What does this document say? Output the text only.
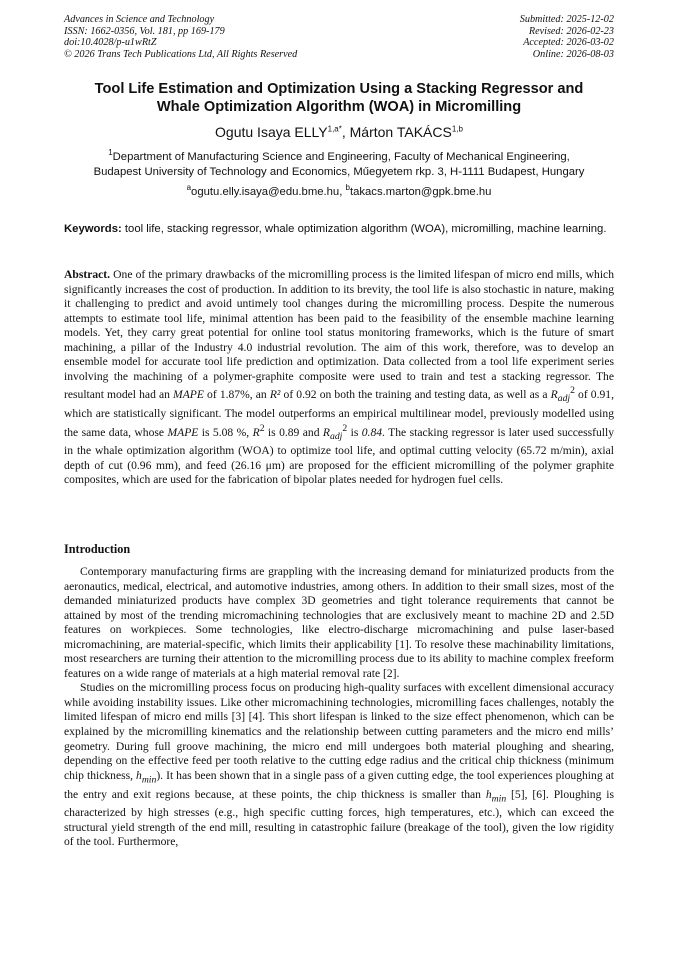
Advances in Science and Technology
ISSN: 1662-0356, Vol. 181, pp 169-179
doi:10.4028/p-u1wRtZ
© 2026 Trans Tech Publications Ltd, All Rights Reserved
Submitted: 2025-12-02
Revised: 2026-02-23
Accepted: 2026-03-02
Online: 2026-08-03
Tool Life Estimation and Optimization Using a Stacking Regressor and
Whale Optimization Algorithm (WOA) in Micromilling
Ogutu Isaya $ELLY^{1,a*}$, Márton TAKÁCS$^{1,b}$
$^1$Department of Manufacturing Science and Engineering, Faculty of Mechanical Engineering,
Budapest University of Technology and Economics, Műegyetem rkp. 3, H-1111 Budapest, Hungary
$^a$ogutu.elly.isaya@edu.bme.hu, $^b$takacs.marton@gpk.bme.hu
Keywords: tool life, stacking regressor, whale optimization algorithm (WOA), micromilling, machine learning.
Abstract. One of the primary drawbacks of the micromilling process is the limited lifespan of micro end mills, which significantly increases the cost of production. In addition to its brevity, the tool life is also stochastic in nature, making it challenging to predict and avoid untimely tool changes during the micromilling process. Despite the numerous attempts to estimate tool life, minimal attention has been paid to the feasibility of the ensemble machine learning models. Yet, they carry great potential for online tool status monitoring frameworks, which is the future of smart machining, a pillar of the Industry 4.0 industrial revolution. The aim of this work, therefore, was to develop an ensemble model for accurate tool life prediction and optimization. Data collected from a tool life experiment series involving the machining of a polymer-graphite composite were used to train and test a stacking regressor. The resultant model had an MAPE of 1.87%, an R² of 0.92 on both the training and testing data, as well as a $R_{adj}^2$ of 0.91, which are statistically significant. The model outperforms an empirical multilinear model, previously modelled using the same data, whose MAPE is 5.08 %, $R^2$ is 0.89 and $R_{adj}^2$ is 0.84. The stacking regressor is later used successfully in the whale optimization algorithm (WOA) to optimize tool life, and optimal cutting velocity (65.72 m/min), axial depth of cut (0.96 mm), and feed (26.16 μm) are proposed for the efficient micromilling of the polymer graphite composites, which are used for the fabrication of bipolar plates needed for hydrogen fuel cells.
Introduction

Contemporary manufacturing firms are grappling with the increasing demand for miniaturized products from the aeronautics, medical, electrical, and automotive industries, among others. In addition to their small sizes, most of the demanded miniaturized products have complex 3D geometries and tight tolerance requirements that cannot be attained by most of the trending micromachining technologies that are exclusively meant to machine 2D and 2.5D features on workpieces. Some technologies, like electro-discharge micromachining and pulse laser-based micromachining, are material-specific, which limits their applicability [1]. To resolve these machinability limitations, most researchers are turning their attention to the micromilling process due to its ability to machine complex freeform features on a wide range of materials at a high material removal rate [2].

Studies on the micromilling process focus on producing high-quality surfaces with excellent dimensional accuracy while avoiding instability issues. Like other micromachining technologies, micromilling faces challenges, notably the limited lifespan of micro end mills [3] [4]. This short lifespan is linked to the size effect phenomenon, which can be explained by the micromilling kinematics and the relationship between cutting parameters and the micro end mills’ geometry. During full groove machining, the micro end mill undergoes both material ploughing and shearing, depending on the effective feed per tooth relative to the cutting edge radius and the critical chip thickness (minimum chip thickness, $h_{min}$). It has been shown that in a single pass of a given cutting edge, the tool experiences ploughing at the entry and exit regions because, at these points, the chip thickness is smaller than $h_{min}$ [5], [6]. Ploughing is characterized by high stresses (e.g., high specific cutting forces, high temperatures, etc.), which can exceed the structural yield strength of the end mill, resulting in catastrophic failure (breakage of the tool), given the low rigidity of the tool. Furthermore,
